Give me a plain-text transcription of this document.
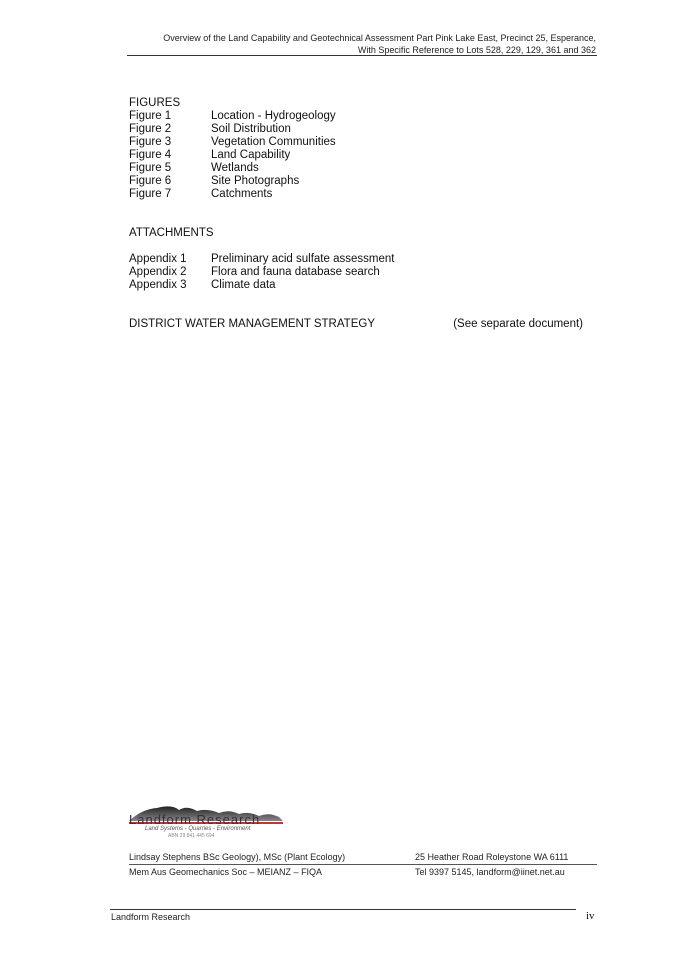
Overview of the Land Capability and Geotechnical Assessment Part Pink Lake East, Precinct 25, Esperance,
With Specific Reference to Lots 528, 229, 129, 361 and 362
FIGURES
Figure 1	Location - Hydrogeology
Figure 2	Soil Distribution
Figure 3	Vegetation Communities
Figure 4	Land Capability
Figure 5	Wetlands
Figure 6	Site Photographs
Figure 7	Catchments
ATTACHMENTS
Appendix 1	Preliminary acid sulfate assessment
Appendix 2	Flora and fauna database search
Appendix 3	Climate data
DISTRICT WATER MANAGEMENT STRATEGY	(See separate document)
Landform Research
Land Systems - Quarries - Environment
ABN 29 841 445 694
Lindsay Stephens BSc Geology), MSc (Plant Ecology)	25 Heather Road Roleystone WA 6111
Mem Aus Geomechanics Soc – MEIANZ – FIQA	Tel 9397 5145, landform@iinet.net.au
Landform Research	iv
